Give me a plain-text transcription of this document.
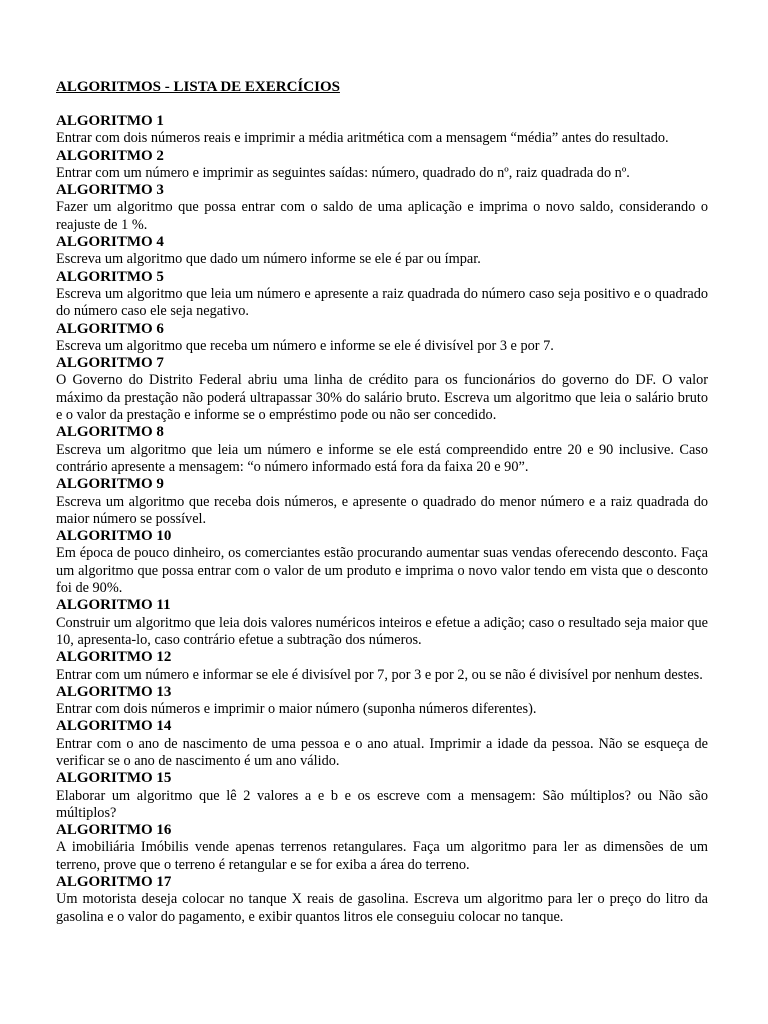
ALGORITMOS - LISTA DE EXERCÍCIOS

ALGORITMO 1

Entrar com dois números reais e imprimir a média aritmética com a mensagem “média” antes do resultado.

ALGORITMO 2

Entrar com um número e imprimir as seguintes saídas: número, quadrado do nº, raiz quadrada do nº.

ALGORITMO 3

Fazer um algoritmo que possa entrar com o saldo de uma aplicação e imprima o novo saldo, considerando o reajuste de 1 %.

ALGORITMO 4

Escreva um algoritmo que dado um número informe se ele é par ou ímpar.

ALGORITMO 5

Escreva um algoritmo que leia um número e apresente a raiz quadrada do número caso seja positivo e o quadrado do número caso ele seja negativo.

ALGORITMO 6

Escreva um algoritmo que receba um número e informe se ele é divisível por 3 e por 7.

ALGORITMO 7

O Governo do Distrito Federal abriu uma linha de crédito para os funcionários do governo do DF. O valor máximo da prestação não poderá ultrapassar 30% do salário bruto. Escreva um algoritmo que leia o salário bruto e o valor da prestação e informe se o empréstimo pode ou não ser concedido.

ALGORITMO 8

Escreva um algoritmo que leia um número e informe se ele está compreendido entre 20 e 90 inclusive. Caso contrário apresente a mensagem: “o número informado está fora da faixa 20 e 90”.

ALGORITMO 9

Escreva um algoritmo que receba dois números, e apresente o quadrado do menor número e a raiz quadrada do maior número se possível.

ALGORITMO 10

Em época de pouco dinheiro, os comerciantes estão procurando aumentar suas vendas oferecendo desconto. Faça um algoritmo que possa entrar com o valor de um produto e imprima o novo valor tendo em vista que o desconto foi de 90%.

ALGORITMO 11

Construir um algoritmo que leia dois valores numéricos inteiros e efetue a adição; caso o resultado seja maior que 10, apresenta-lo, caso contrário efetue a subtração dos números.

ALGORITMO 12

Entrar com um número e informar se ele é divisível por 7, por 3 e por 2, ou se não é divisível por nenhum destes.

ALGORITMO 13

Entrar com dois números e imprimir o maior número (suponha números diferentes).

ALGORITMO 14

Entrar com o ano de nascimento de uma pessoa e o ano atual. Imprimir a idade da pessoa. Não se esqueça de verificar se o ano de nascimento é um ano válido.

ALGORITMO 15

Elaborar um algoritmo que lê 2 valores a e b e os escreve com a mensagem: São múltiplos? ou Não são múltiplos?

ALGORITMO 16

A imobiliária Imóbilis vende apenas terrenos retangulares. Faça um algoritmo para ler as dimensões de um terreno, prove que o terreno é retangular e se for exiba a área do terreno.

ALGORITMO 17

Um motorista deseja colocar no tanque X reais de gasolina. Escreva um algoritmo para ler o preço do litro da gasolina e o valor do pagamento, e exibir quantos litros ele conseguiu colocar no tanque.
